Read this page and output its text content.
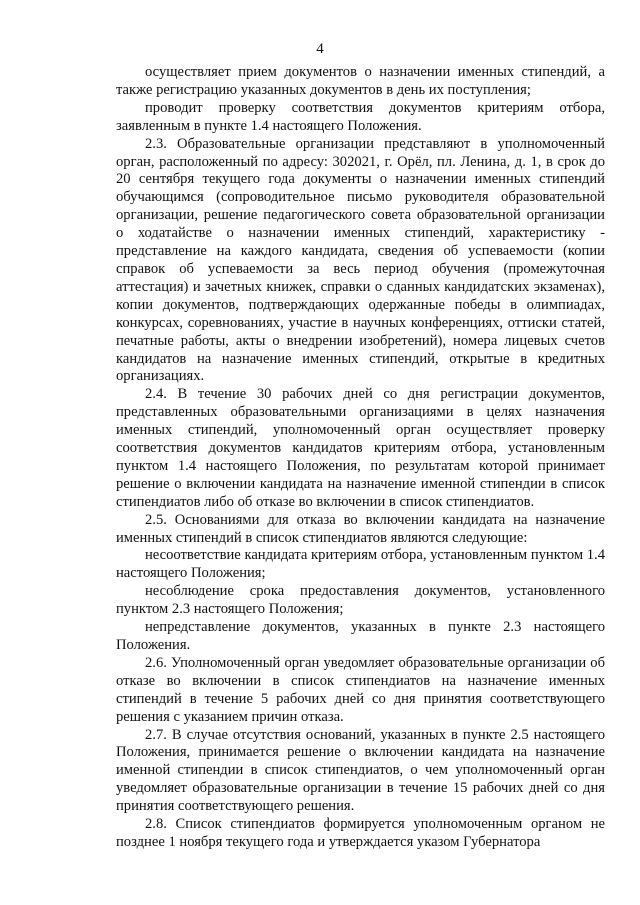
4

осуществляет прием документов о назначении именных стипендий, а также регистрацию указанных документов в день их поступления;

проводит проверку соответствия документов критериям отбора, заявленным в пункте 1.4 настоящего Положения.

2.3. Образовательные организации представляют в уполномоченный орган, расположенный по адресу: 302021, г. Орёл, пл. Ленина, д. 1, в срок до 20 сентября текущего года документы о назначении именных стипендий обучающимся (сопроводительное письмо руководителя образовательной организации, решение педагогического совета образовательной организации о ходатайстве о назначении именных стипендий, характеристику - представление на каждого кандидата, сведения об успеваемости (копии справок об успеваемости за весь период обучения (промежуточная аттестация) и зачетных книжек, справки о сданных кандидатских экзаменах), копии документов, подтверждающих одержанные победы в олимпиадах, конкурсах, соревнованиях, участие в научных конференциях, оттиски статей, печатные работы, акты о внедрении изобретений), номера лицевых счетов кандидатов на назначение именных стипендий, открытые в кредитных организациях.

2.4. В течение 30 рабочих дней со дня регистрации документов, представленных образовательными организациями в целях назначения именных стипендий, уполномоченный орган осуществляет проверку соответствия документов кандидатов критериям отбора, установленным пунктом 1.4 настоящего Положения, по результатам которой принимает решение о включении кандидата на назначение именной стипендии в список стипендиатов либо об отказе во включении в список стипендиатов.

2.5. Основаниями для отказа во включении кандидата на назначение именных стипендий в список стипендиатов являются следующие:

несоответствие кандидата критериям отбора, установленным пунктом 1.4 настоящего Положения;

несоблюдение срока предоставления документов, установленного пунктом 2.3 настоящего Положения;

непредставление документов, указанных в пункте 2.3 настоящего Положения.

2.6. Уполномоченный орган уведомляет образовательные организации об отказе во включении в список стипендиатов на назначение именных стипендий в течение 5 рабочих дней со дня принятия соответствующего решения с указанием причин отказа.

2.7. В случае отсутствия оснований, указанных в пункте 2.5 настоящего Положения, принимается решение о включении кандидата на назначение именной стипендии в список стипендиатов, о чем уполномоченный орган уведомляет образовательные организации в течение 15 рабочих дней со дня принятия соответствующего решения.

2.8. Список стипендиатов формируется уполномоченным органом не позднее 1 ноября текущего года и утверждается указом Губернатора
